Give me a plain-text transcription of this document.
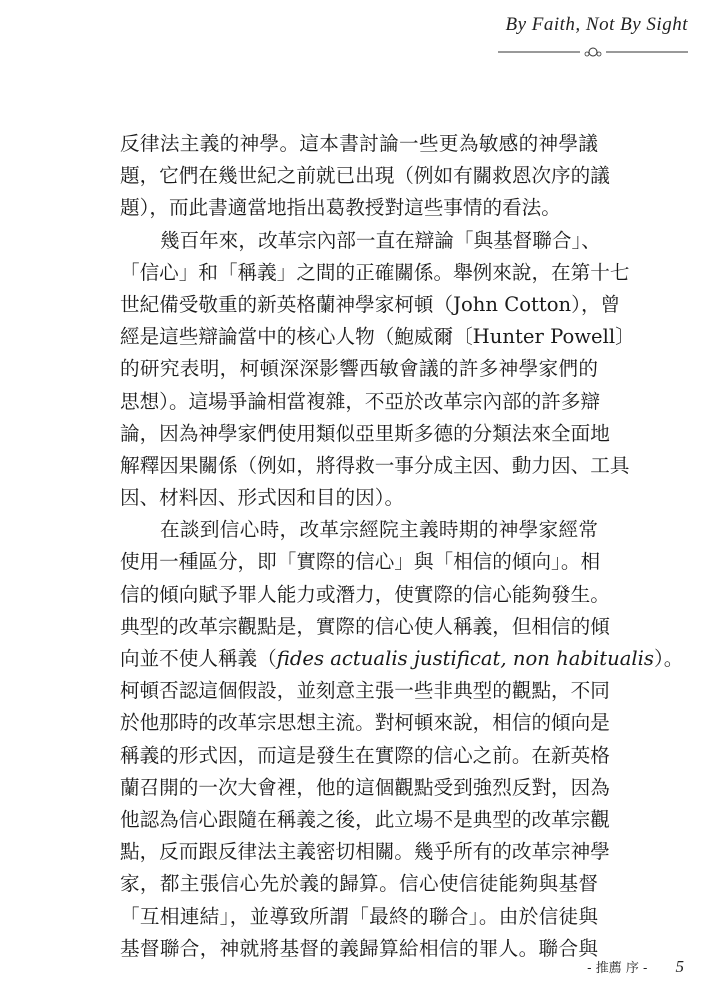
By Faith, Not By Sight
反律法主義的神學。這本書討論一些更為敏感的神學議
題，它們在幾世紀之前就已出現（例如有關救恩次序的議
題），而此書適當地指出葛教授對這些事情的看法。
幾百年來，改革宗內部一直在辯論「與基督聯合」、
「信心」和「稱義」之間的正確關係。舉例來說，在第十七
世紀備受敬重的新英格蘭神學家柯頓（John Cotton），曾
經是這些辯論當中的核心人物（鮑威爾〔Hunter Powell〕
的研究表明，柯頓深深影響西敏會議的許多神學家們的
思想）。這場爭論相當複雜，不亞於改革宗內部的許多辯
論，因為神學家們使用類似亞里斯多德的分類法來全面地
解釋因果關係（例如，將得救一事分成主因、動力因、工具
因、材料因、形式因和目的因）。
在談到信心時，改革宗經院主義時期的神學家經常
使用一種區分，即「實際的信心」與「相信的傾向」。相
信的傾向賦予罪人能力或潛力，使實際的信心能夠發生。
典型的改革宗觀點是，實際的信心使人稱義，但相信的傾
向並不使人稱義（fides actualis justificat, non habitualis）。
柯頓否認這個假設，並刻意主張一些非典型的觀點，不同
於他那時的改革宗思想主流。對柯頓來說，相信的傾向是
稱義的形式因，而這是發生在實際的信心之前。在新英格
蘭召開的一次大會裡，他的這個觀點受到強烈反對，因為
他認為信心跟隨在稱義之後，此立場不是典型的改革宗觀
點，反而跟反律法主義密切相關。幾乎所有的改革宗神學
家，都主張信心先於義的歸算。信心使信徒能夠與基督
「互相連結」，並導致所謂「最終的聯合」。由於信徒與
基督聯合，神就將基督的義歸算給相信的罪人。聯合與
- 推薦 序 - 5
